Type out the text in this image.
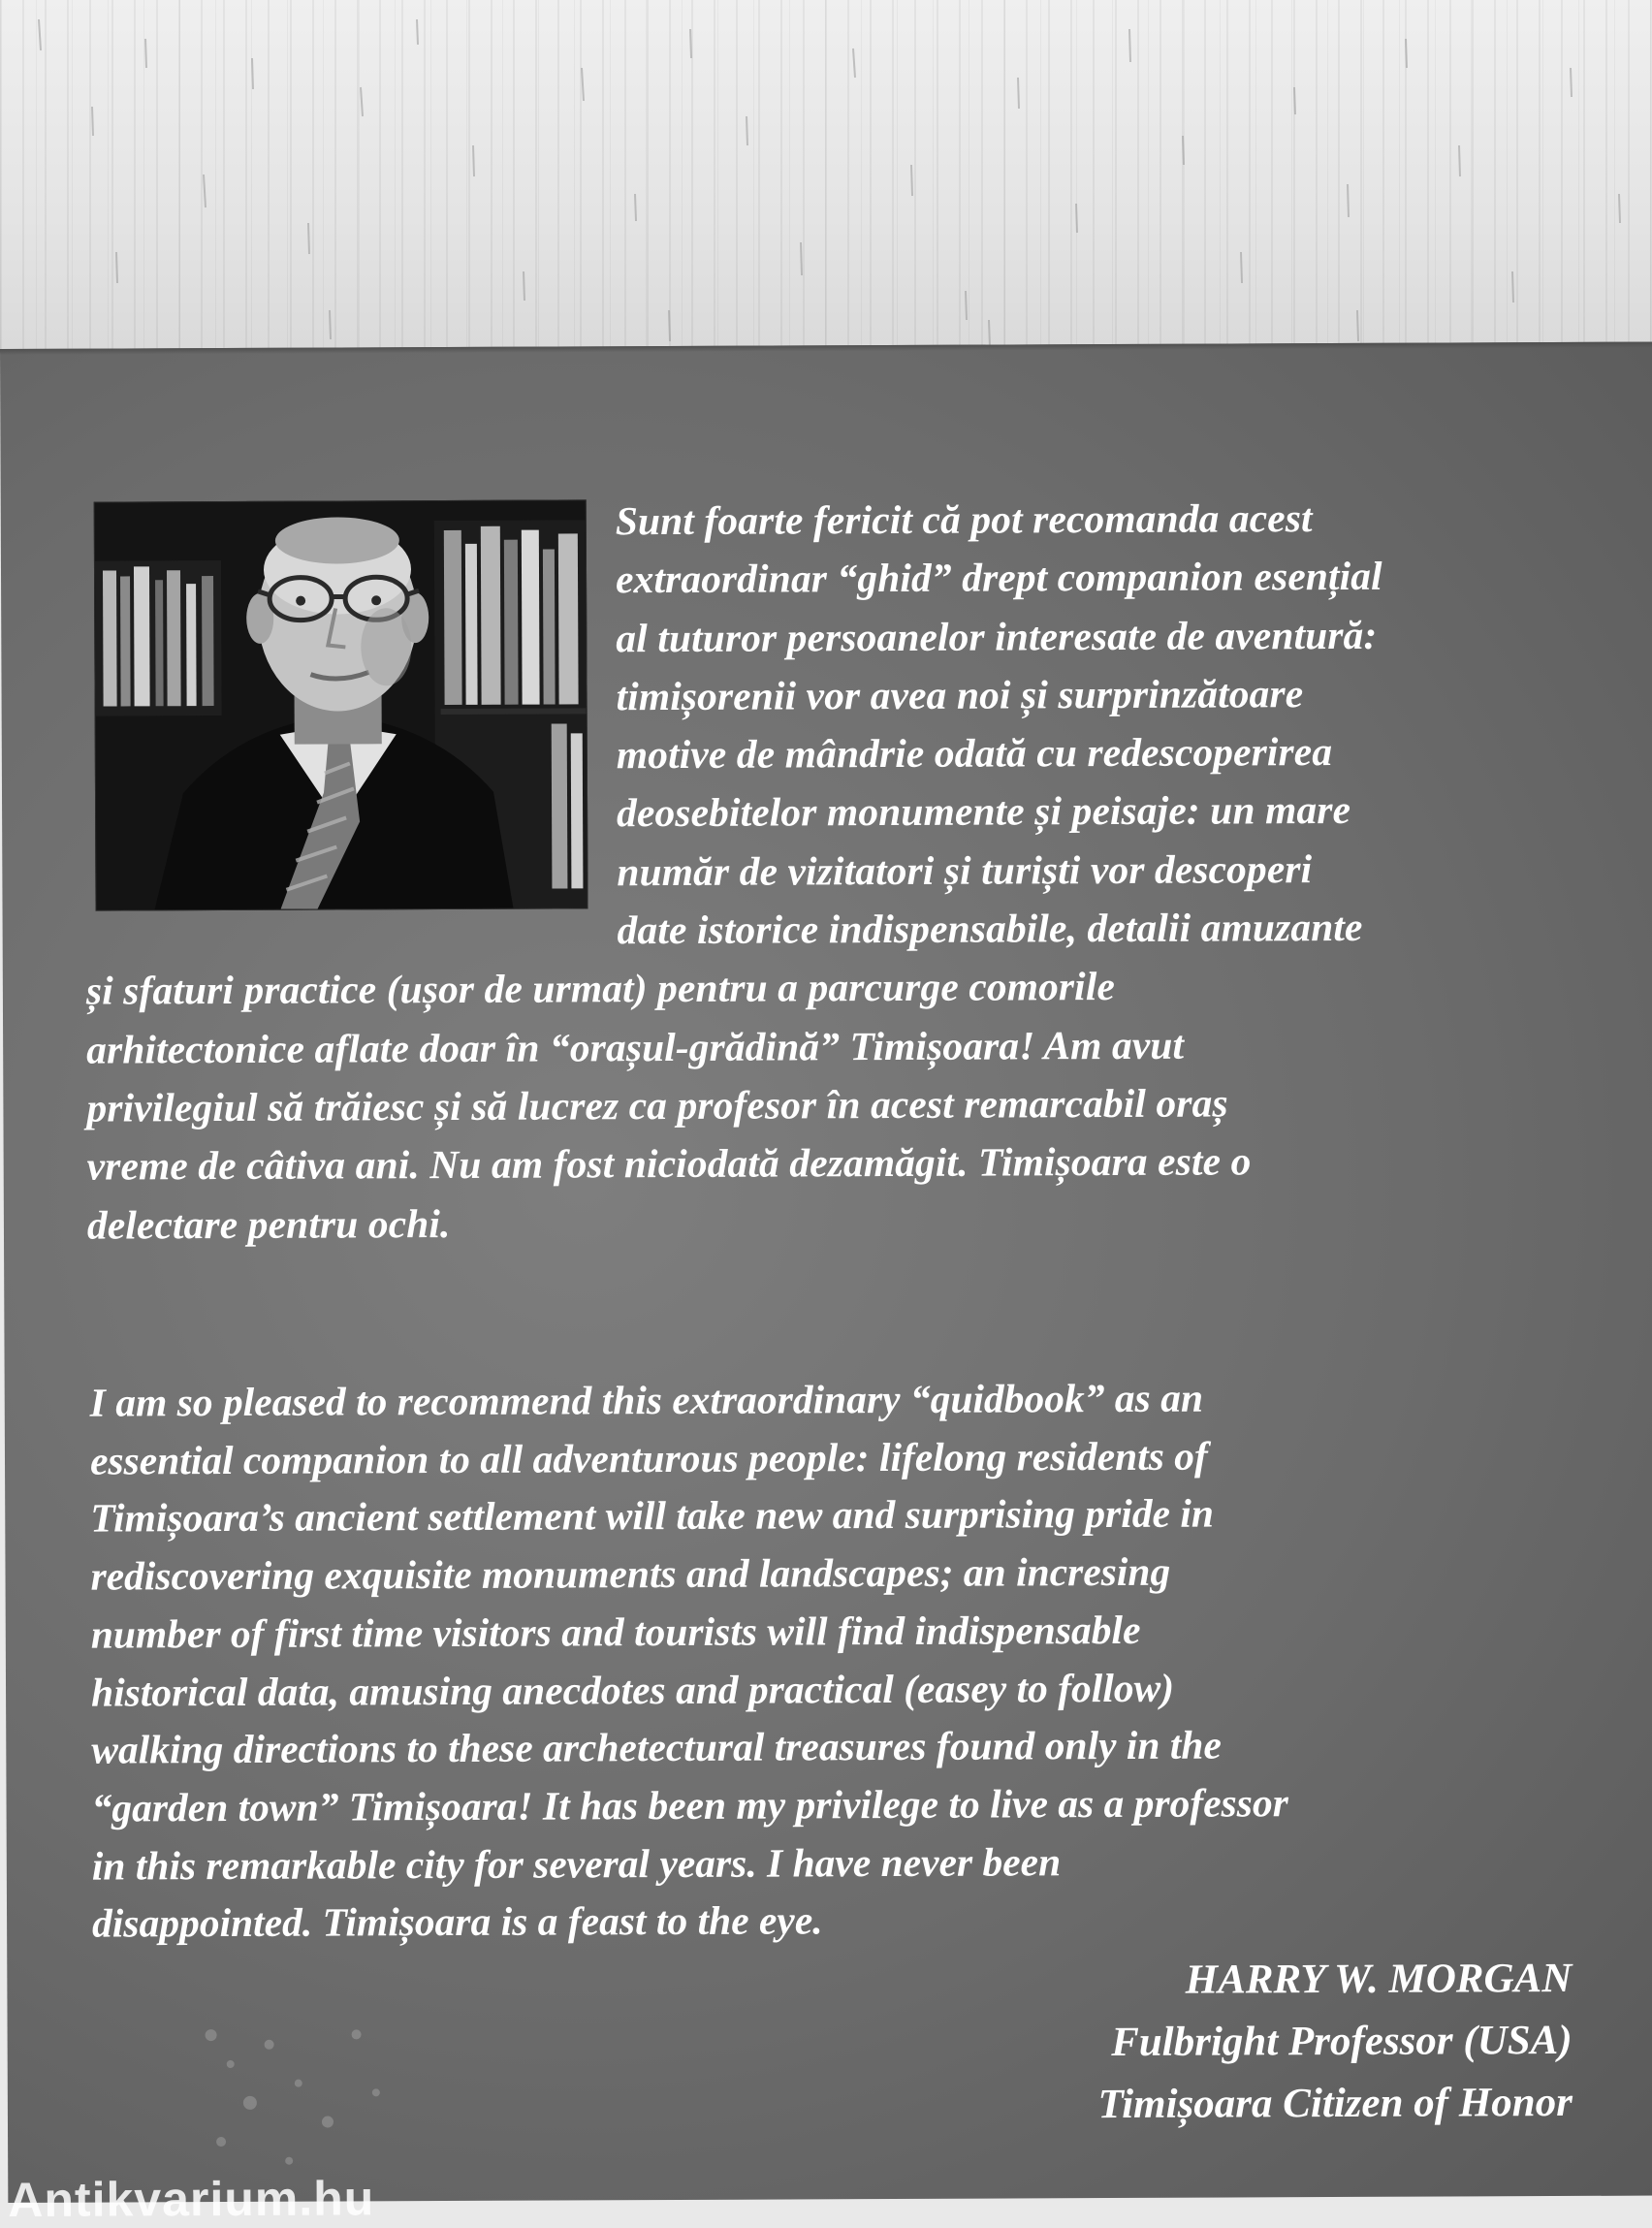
Sunt foarte fericit că pot recomanda acest
extraordinar “ghid” drept companion esențial
al tuturor persoanelor interesate de aventură:
timișorenii vor avea noi și surprinzătoare
motive de mândrie odată cu redescoperirea
deosebitelor monumente și peisaje: un mare
număr de vizitatori și turiști vor descoperi
date istorice indispensabile, detalii amuzante
și sfaturi practice (ușor de urmat) pentru a parcurge comorile
arhitectonice aflate doar în “orașul-grădină” Timișoara! Am avut
privilegiul să trăiesc și să lucrez ca profesor în acest remarcabil oraș
vreme de câtiva ani. Nu am fost niciodată dezamăgit. Timișoara este o
delectare pentru ochi.
I am so pleased to recommend this extraordinary “quidbook” as an
essential companion to all adventurous people: lifelong residents of
Timișoara’s ancient settlement will take new and surprising pride in
rediscovering exquisite monuments and landscapes; an incresing
number of first time visitors and tourists will find indispensable
historical data, amusing anecdotes and practical (easey to follow)
walking directions to these archetectural treasures found only in the
“garden town” Timișoara! It has been my privilege to live as a professor
in this remarkable city for several years. I have never been
disappointed. Timișoara is a feast to the eye.
HARRY W. MORGAN
Fulbright Professor (USA)
Timișoara Citizen of Honor
Antikvarium.hu
